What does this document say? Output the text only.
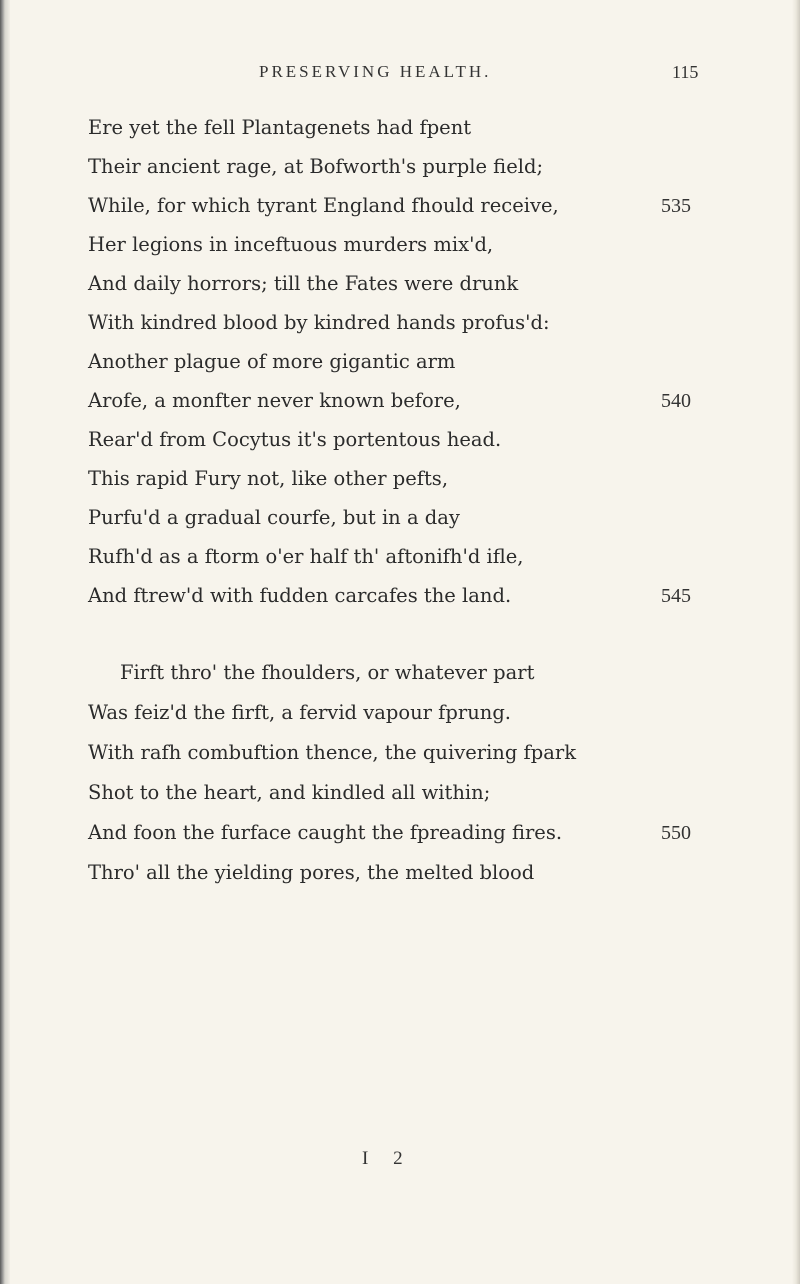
PRESERVING HEALTH.	115
Ere yet the fell Plantagenets had fpent
Their ancient rage, at Bofworth's purple field;
While, for which tyrant England fhould receive,	535
Her legions in inceftuous murders mix'd,
And daily horrors; till the Fates were drunk
With kindred blood by kindred hands profus'd:
Another plague of more gigantic arm
Arofe, a monfter never known before,	540
Rear'd from Cocytus it's portentous head.
This rapid Fury not, like other pefts,
Purfu'd a gradual courfe, but in a day
Rufh'd as a ftorm o'er half th' aftonifh'd ifle,
And ftrew'd with fudden carcafes the land.	545
Firft thro' the fhoulders, or whatever part
Was feiz'd the firft, a fervid vapour fprung.
With rafh combuftion thence, the quivering fpark
Shot to the heart, and kindled all within;
And foon the furface caught the fpreading fires.	550
Thro' all the yielding pores, the melted blood
I 2
